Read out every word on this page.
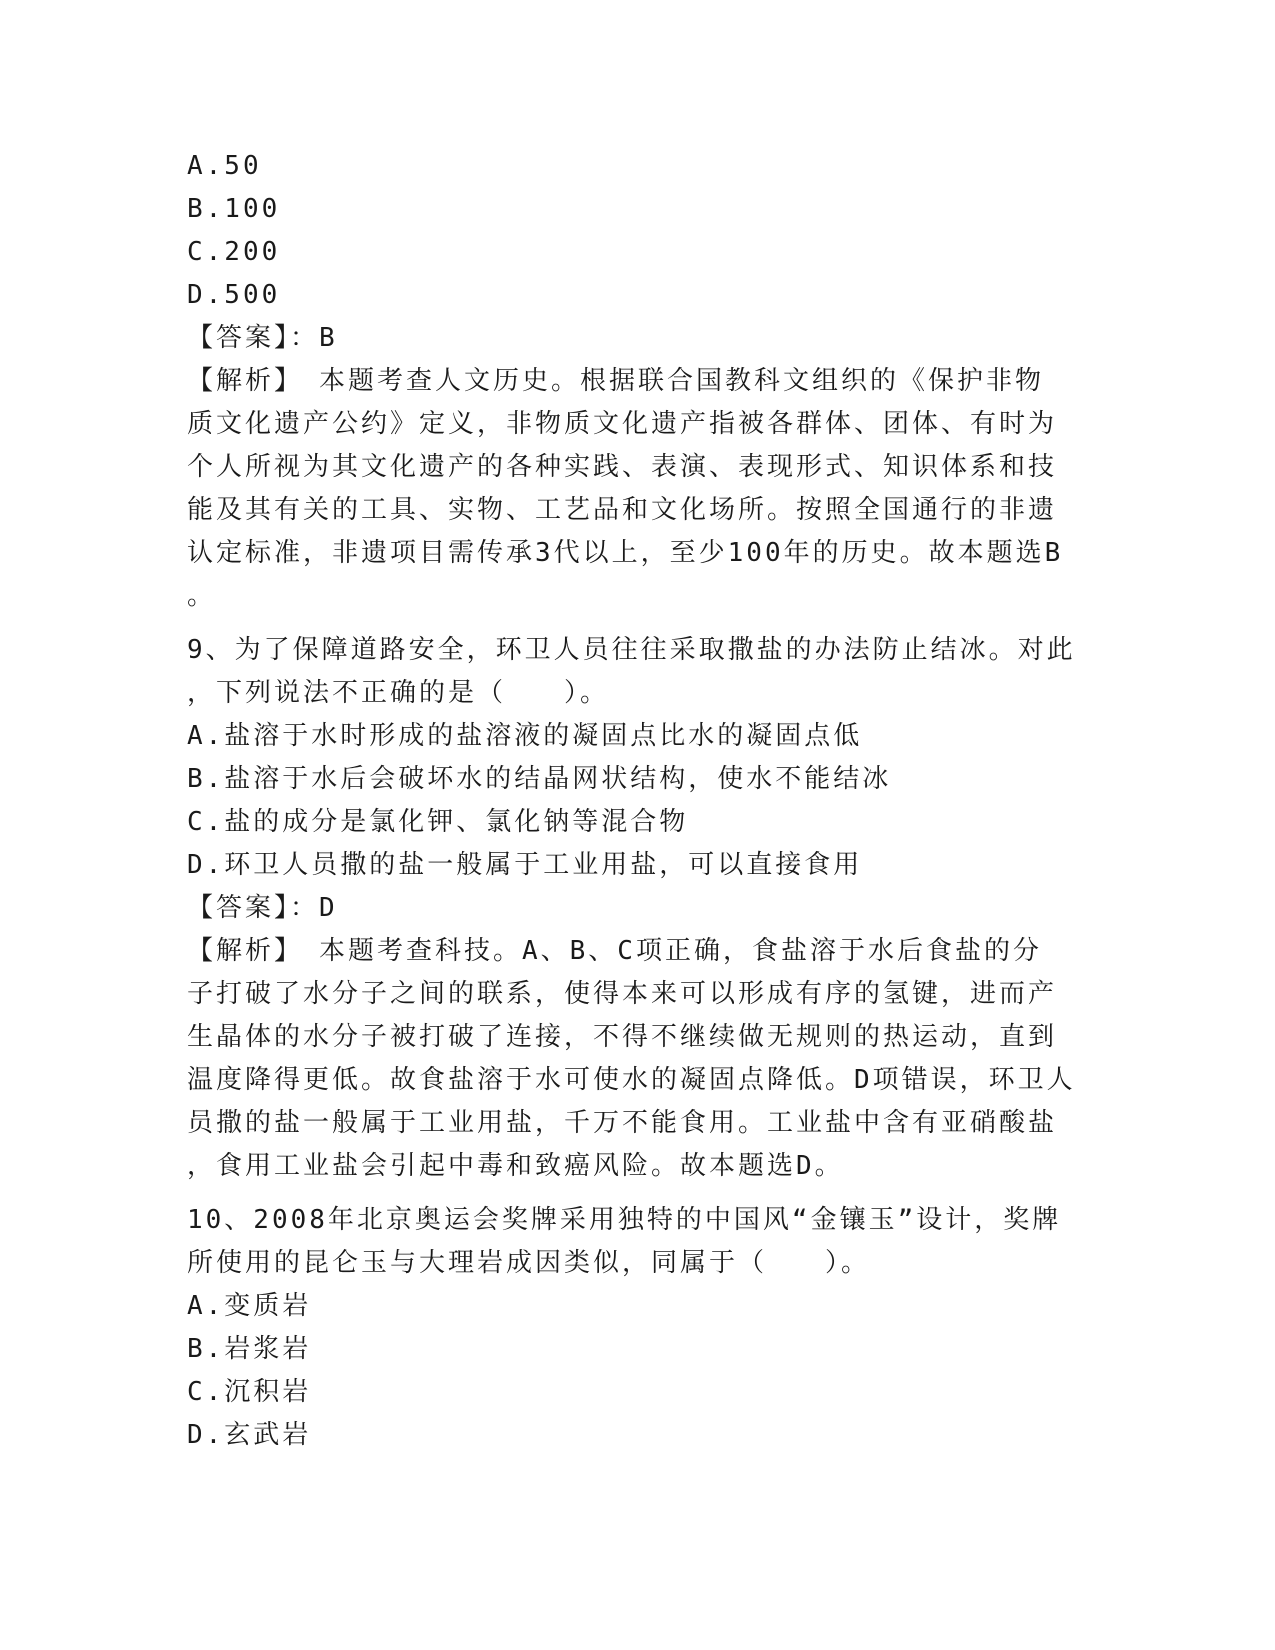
A.50
B.100
C.200
D.500
【答案】：B
【解析】　本题考查人文历史。根据联合国教科文组织的《保护非物
质文化遗产公约》定义，非物质文化遗产指被各群体、团体、有时为
个人所视为其文化遗产的各种实践、表演、表现形式、知识体系和技
能及其有关的工具、实物、工艺品和文化场所。按照全国通行的非遗
认定标准，非遗项目需传承3代以上，至少100年的历史。故本题选B
。
9、为了保障道路安全，环卫人员往往采取撒盐的办法防止结冰。对此
，下列说法不正确的是（　　）。
A.盐溶于水时形成的盐溶液的凝固点比水的凝固点低
B.盐溶于水后会破坏水的结晶网状结构，使水不能结冰
C.盐的成分是氯化钾、氯化钠等混合物
D.环卫人员撒的盐一般属于工业用盐，可以直接食用
【答案】：D
【解析】　本题考查科技。A、B、C项正确，食盐溶于水后食盐的分
子打破了水分子之间的联系，使得本来可以形成有序的氢键，进而产
生晶体的水分子被打破了连接，不得不继续做无规则的热运动，直到
温度降得更低。故食盐溶于水可使水的凝固点降低。D项错误，环卫人
员撒的盐一般属于工业用盐，千万不能食用。工业盐中含有亚硝酸盐
，食用工业盐会引起中毒和致癌风险。故本题选D。
10、2008年北京奥运会奖牌采用独特的中国风“金镶玉”设计，奖牌
所使用的昆仑玉与大理岩成因类似，同属于（　　）。
A.变质岩
B.岩浆岩
C.沉积岩
D.玄武岩
